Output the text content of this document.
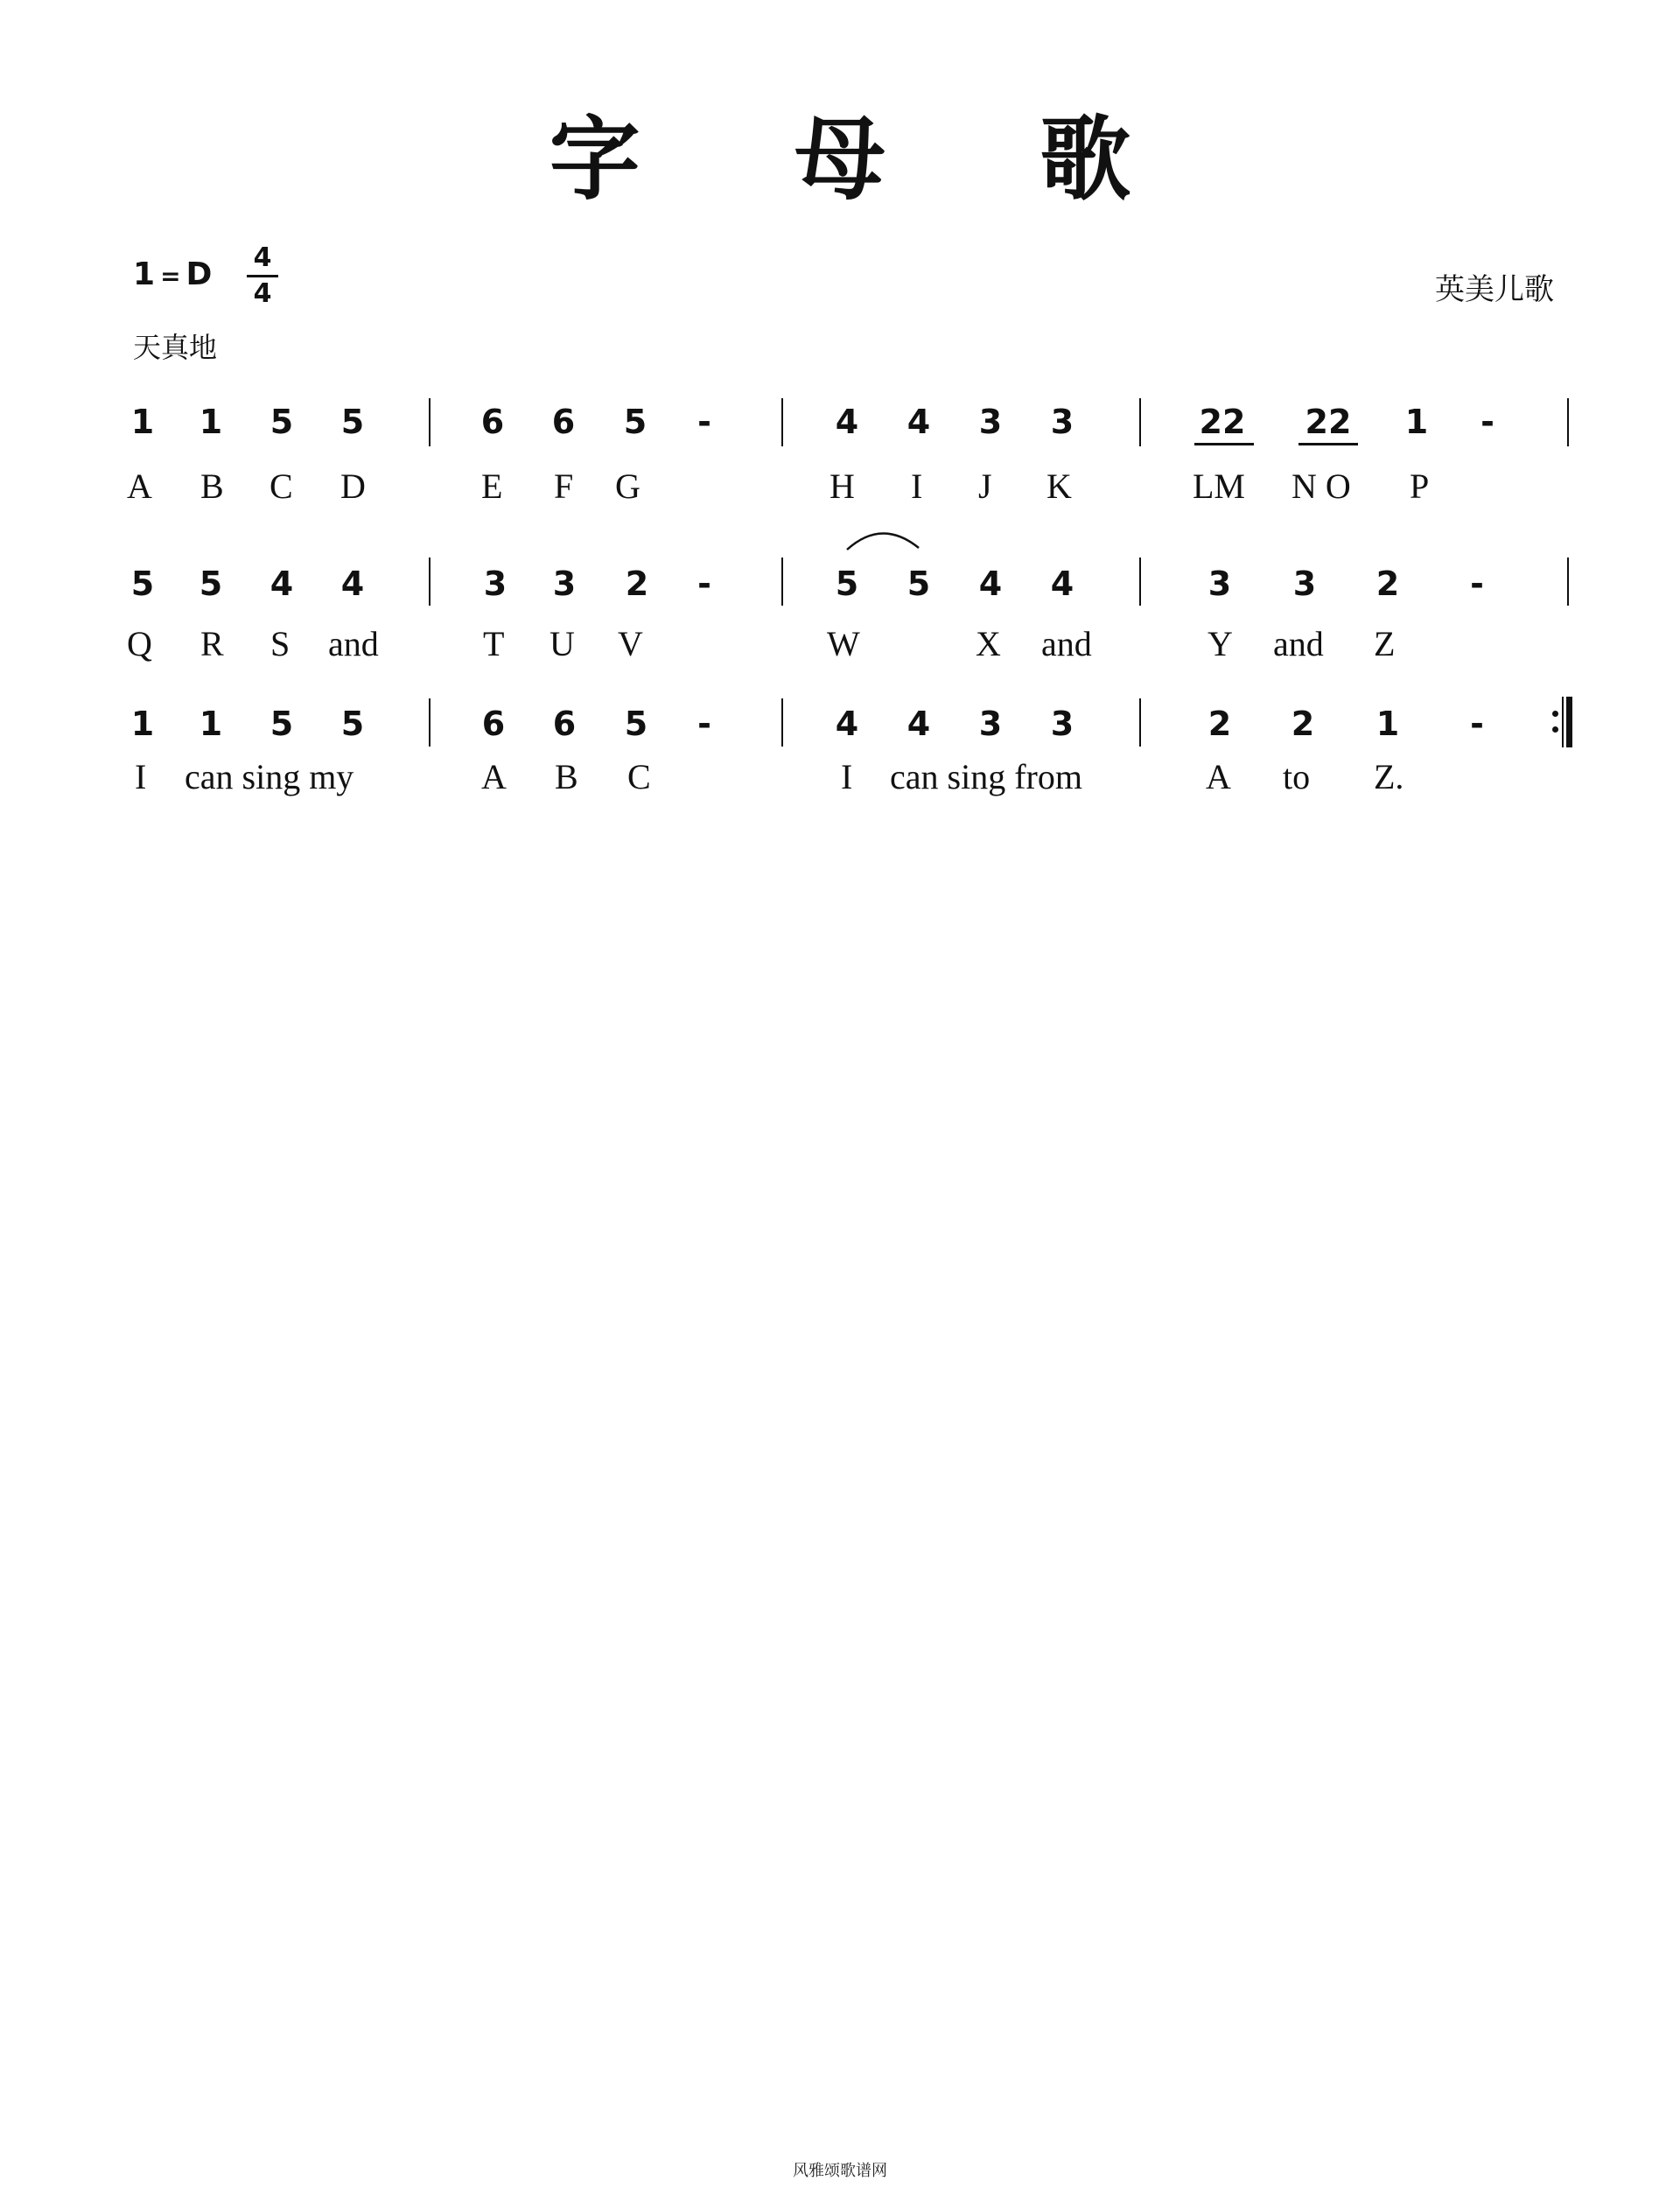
字 母 歌
1 = D 4
4	英美儿歌
天真地
1 1 5 5	6 6 5	-	4 4 3 3	22 22 1	-
A B C D	E F G	H I J K	LM N O P
5 5 4 4	3 3 2	-	5 5 4 4	3 3 2	-
Q R S and	T U V	W	X and	Y and Z
1 1 5 5	6 6 5	-	4 4 3 3	2 2 1	-
I can sing my	A B C	I can sing from	A to Z.
风雅颂歌谱网
